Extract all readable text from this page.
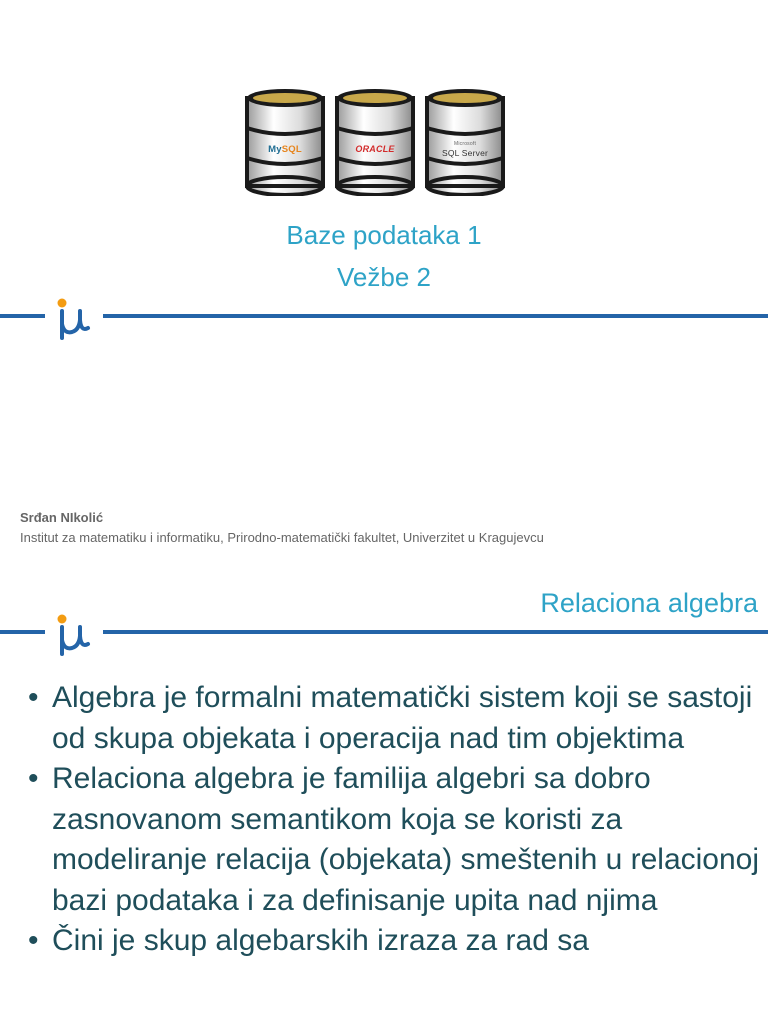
MySQL	ORACLE	Microsoft
SQL Server
Baze podataka 1
Vežbe 2
Srđan NIkolić
Institut za matematiku i informatiku, Prirodno-matematički fakultet, Univerzitet u Kragujevcu
Relaciona algebra
• Algebra je formalni matematički sistem koji se sastoji od skupa objekata i operacija nad tim objektima
• Relaciona algebra je familija algebri sa dobro zasnovanom semantikom koja se koristi za modeliranje relacija (objekata) smeštenih u relacionoj bazi podataka i za definisanje upita nad njima
• Čini je skup algebarskih izraza za rad sa
